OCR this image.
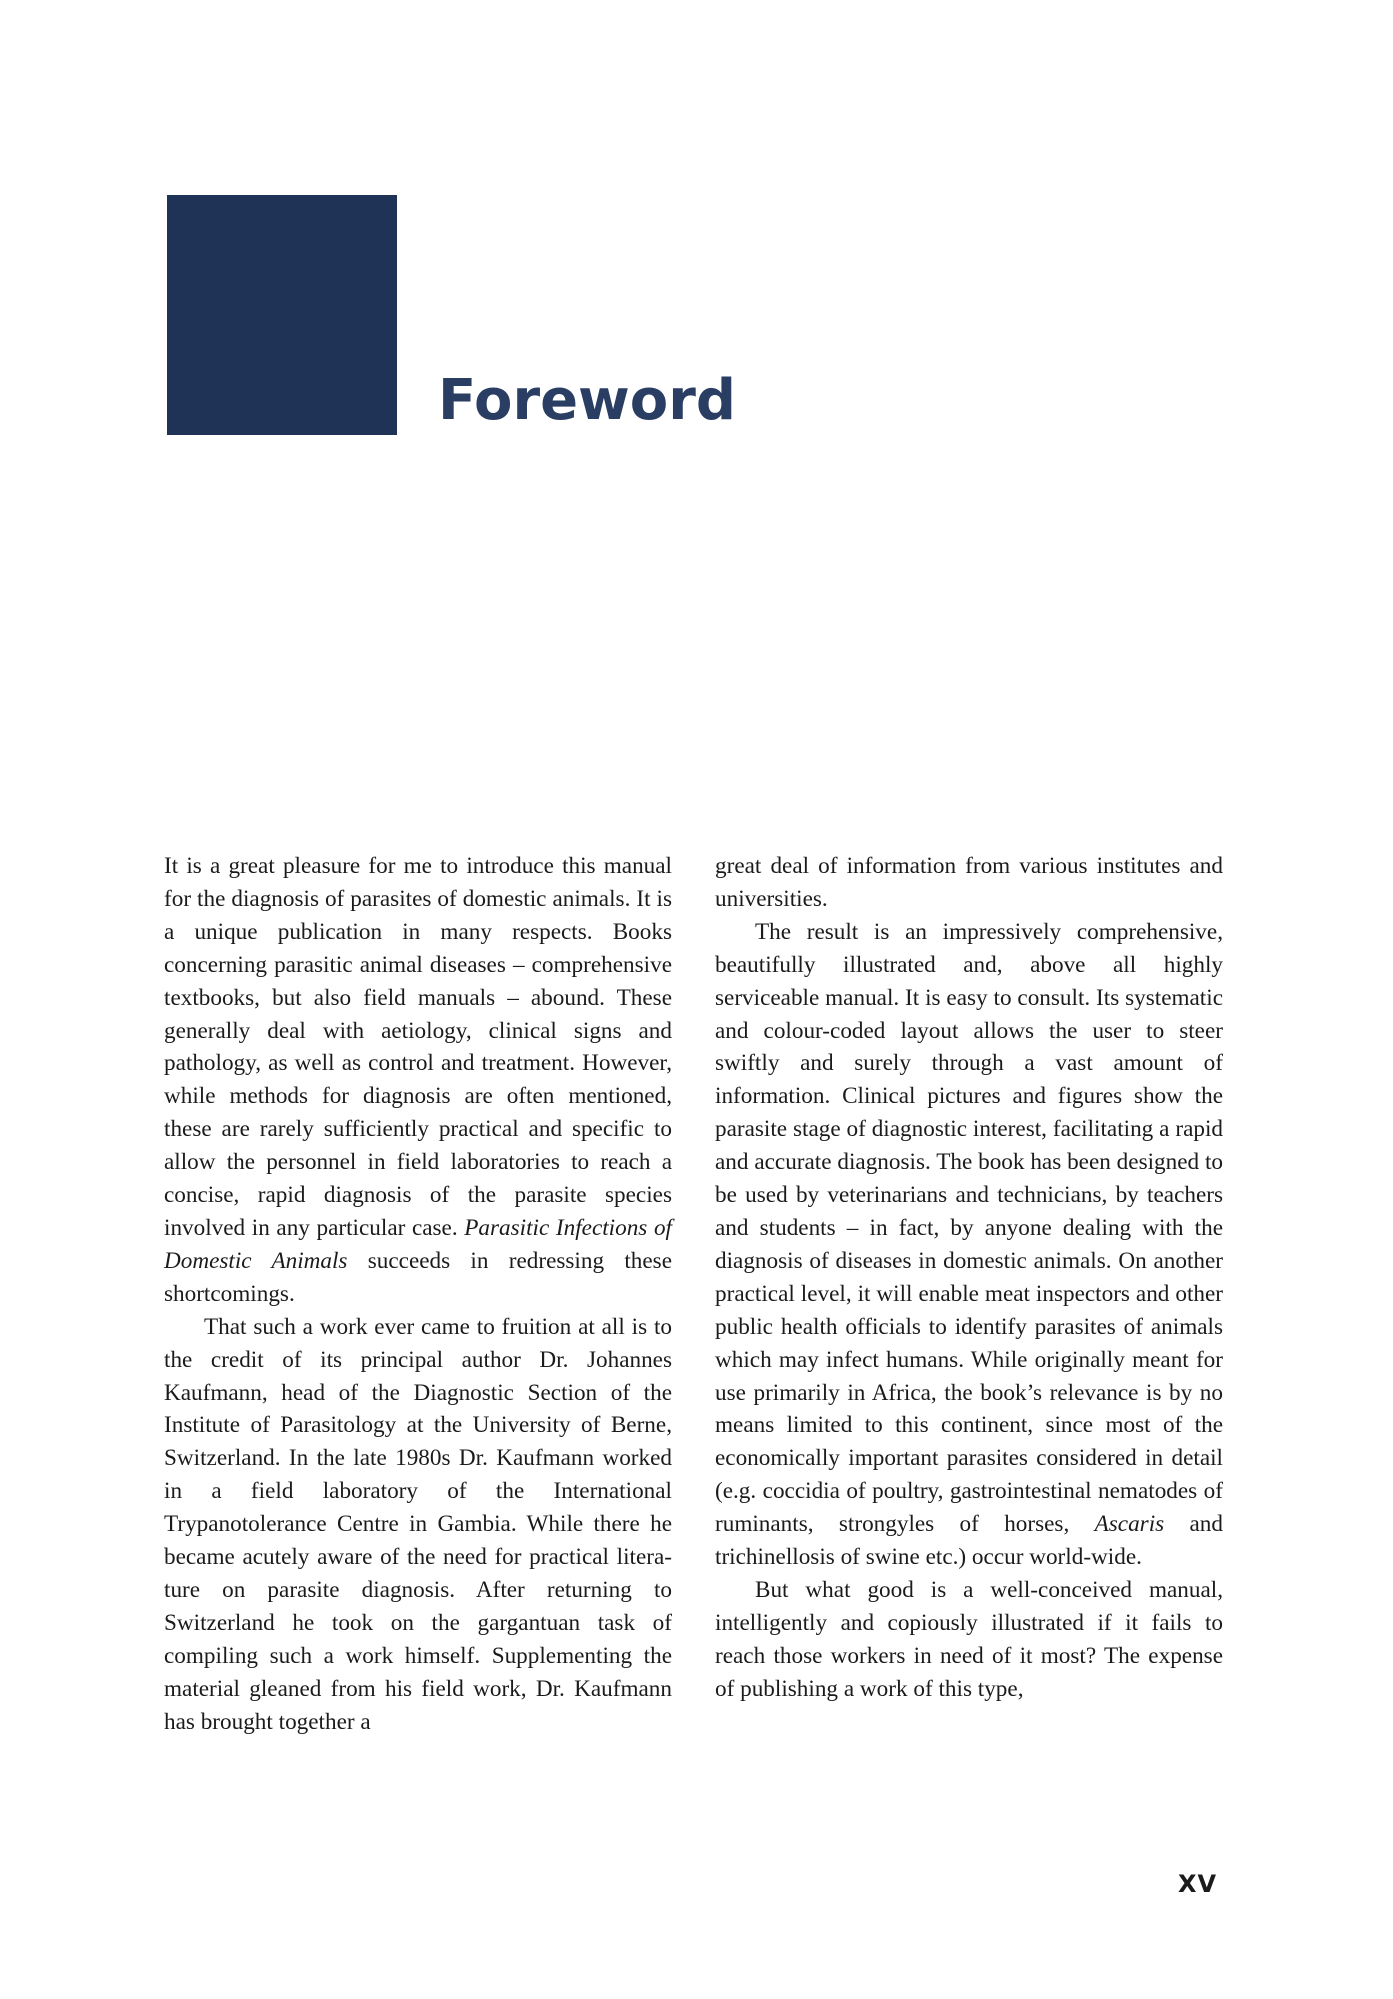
Foreword

It is a great pleasure for me to introduce this manual for the diagnosis of parasites of domestic animals. It is a unique publication in many respects. Books concerning parasitic animal diseases – comprehensive textbooks, but also field manuals – abound. These generally deal with aetiology, clinical signs and pathology, as well as control and treatment. However, while methods for diagnosis are often mentioned, these are rarely sufficiently practical and specific to allow the personnel in field laboratories to reach a concise, rapid diagnosis of the parasite species involved in any particular case. Parasitic Infections of Domestic Animals succeeds in redressing these shortcomings.

That such a work ever came to fruition at all is to the credit of its principal author Dr. Johannes Kaufmann, head of the Diagnostic Section of the Institute of Parasitology at the University of Berne, Switzerland. In the late 1980s Dr. Kaufmann worked in a field laboratory of the International Trypanotolerance Centre in Gambia. While there he became acutely aware of the need for practical literature on parasite diagnosis. After returning to Switzerland he took on the gargantuan task of compiling such a work himself. Supplementing the material gleaned from his field work, Dr. Kaufmann has brought together a

great deal of information from various institutes and universities.

The result is an impressively comprehensive, beautifully illustrated and, above all highly serviceable manual. It is easy to consult. Its systematic and colour-coded layout allows the user to steer swiftly and surely through a vast amount of information. Clinical pictures and figures show the parasite stage of diagnostic interest, facilitating a rapid and accurate diagnosis. The book has been designed to be used by veterinarians and technicians, by teachers and students – in fact, by anyone dealing with the diagnosis of diseases in domestic animals. On another practical level, it will enable meat inspectors and other public health officials to identify parasites of animals which may infect humans. While originally meant for use primarily in Africa, the book’s relevance is by no means limited to this continent, since most of the economically important parasites considered in detail (e.g. coccidia of poultry, gastrointestinal nematodes of ruminants, strongyles of horses, Ascaris and trichinellosis of swine etc.) occur world-wide.

But what good is a well-conceived manual, intelligently and copiously illustrated if it fails to reach those workers in need of it most? The expense of publishing a work of this type,

XV
